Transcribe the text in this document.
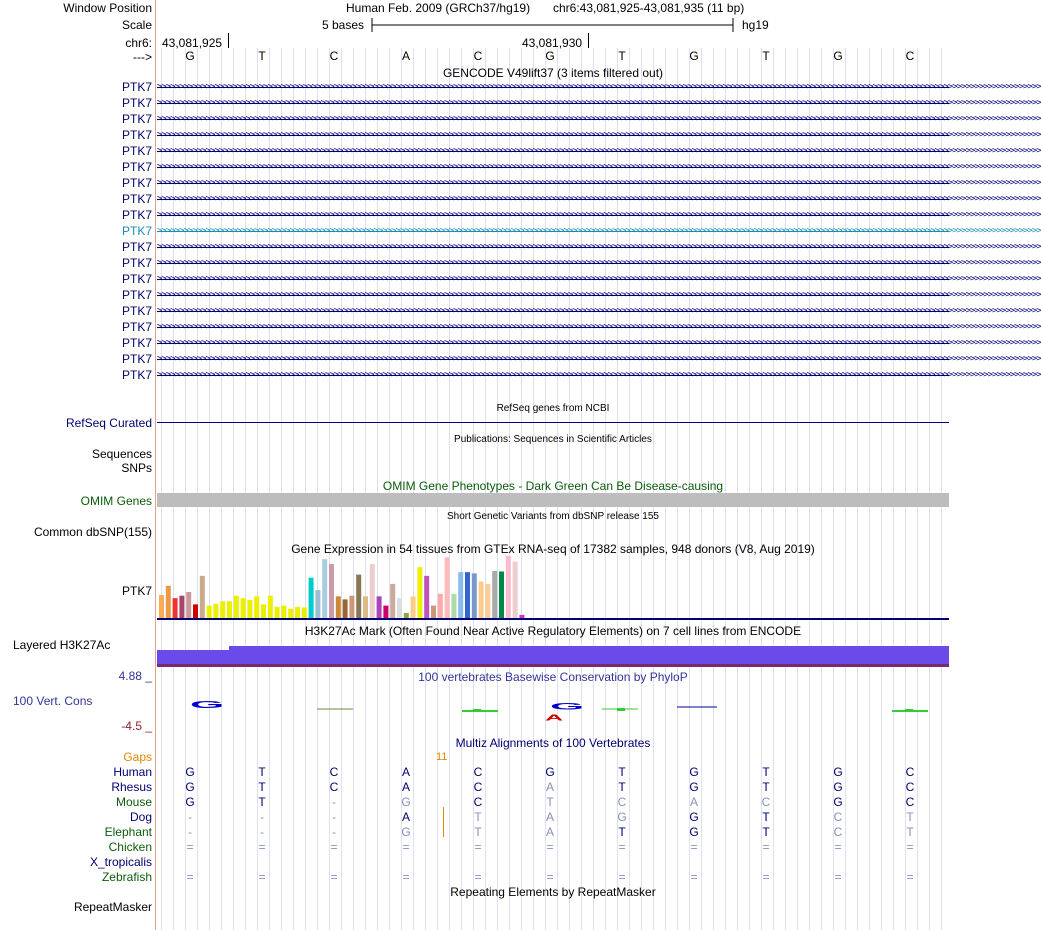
Window Position
Scale
chr6:
--->
Human Feb. 2009 (GRCh37/hg19) chr6:43,081,925-43,081,935 (11 bp)
5 bases	hg19
43,081,925	43,081,930
G	T	C	A	C	G	T	G	T	G	C
GENCODE V49lift37 (3 items filtered out)
PTK7 >>>>>>>>>>>>>>>>>>>>>>>>>>>>>>>>>>>>>>>>>>>>>>>>>>>>>>>>>>>>>>>>>>>>>>>>>>>>>>>>>>>>>>>>>>>>>>>>>>>>>>>>>>>>>>>>>>>>>>>>>>>>>>>>>>>>>>>>>>>>>>>>>>>>>>>>>>>>>>>>>>>>>>>>>>>>>>>>>>>>>>>>>>>>>>>>>>>>>>>>
PTK7 >>>>>>>>>>>>>>>>>>>>>>>>>>>>>>>>>>>>>>>>>>>>>>>>>>>>>>>>>>>>>>>>>>>>>>>>>>>>>>>>>>>>>>>>>>>>>>>>>>>>>>>>>>>>>>>>>>>>>>>>>>>>>>>>>>>>>>>>>>>>>>>>>>>>>>>>>>>>>>>>>>>>>>>>>>>>>>>>>>>>>>>>>>>>>>>>>>>>>>>>
PTK7 >>>>>>>>>>>>>>>>>>>>>>>>>>>>>>>>>>>>>>>>>>>>>>>>>>>>>>>>>>>>>>>>>>>>>>>>>>>>>>>>>>>>>>>>>>>>>>>>>>>>>>>>>>>>>>>>>>>>>>>>>>>>>>>>>>>>>>>>>>>>>>>>>>>>>>>>>>>>>>>>>>>>>>>>>>>>>>>>>>>>>>>>>>>>>>>>>>>>>>>>
PTK7 >>>>>>>>>>>>>>>>>>>>>>>>>>>>>>>>>>>>>>>>>>>>>>>>>>>>>>>>>>>>>>>>>>>>>>>>>>>>>>>>>>>>>>>>>>>>>>>>>>>>>>>>>>>>>>>>>>>>>>>>>>>>>>>>>>>>>>>>>>>>>>>>>>>>>>>>>>>>>>>>>>>>>>>>>>>>>>>>>>>>>>>>>>>>>>>>>>>>>>>>
PTK7 >>>>>>>>>>>>>>>>>>>>>>>>>>>>>>>>>>>>>>>>>>>>>>>>>>>>>>>>>>>>>>>>>>>>>>>>>>>>>>>>>>>>>>>>>>>>>>>>>>>>>>>>>>>>>>>>>>>>>>>>>>>>>>>>>>>>>>>>>>>>>>>>>>>>>>>>>>>>>>>>>>>>>>>>>>>>>>>>>>>>>>>>>>>>>>>>>>>>>>>>
PTK7 >>>>>>>>>>>>>>>>>>>>>>>>>>>>>>>>>>>>>>>>>>>>>>>>>>>>>>>>>>>>>>>>>>>>>>>>>>>>>>>>>>>>>>>>>>>>>>>>>>>>>>>>>>>>>>>>>>>>>>>>>>>>>>>>>>>>>>>>>>>>>>>>>>>>>>>>>>>>>>>>>>>>>>>>>>>>>>>>>>>>>>>>>>>>>>>>>>>>>>>>
PTK7 >>>>>>>>>>>>>>>>>>>>>>>>>>>>>>>>>>>>>>>>>>>>>>>>>>>>>>>>>>>>>>>>>>>>>>>>>>>>>>>>>>>>>>>>>>>>>>>>>>>>>>>>>>>>>>>>>>>>>>>>>>>>>>>>>>>>>>>>>>>>>>>>>>>>>>>>>>>>>>>>>>>>>>>>>>>>>>>>>>>>>>>>>>>>>>>>>>>>>>>>
PTK7 >>>>>>>>>>>>>>>>>>>>>>>>>>>>>>>>>>>>>>>>>>>>>>>>>>>>>>>>>>>>>>>>>>>>>>>>>>>>>>>>>>>>>>>>>>>>>>>>>>>>>>>>>>>>>>>>>>>>>>>>>>>>>>>>>>>>>>>>>>>>>>>>>>>>>>>>>>>>>>>>>>>>>>>>>>>>>>>>>>>>>>>>>>>>>>>>>>>>>>>>
PTK7 >>>>>>>>>>>>>>>>>>>>>>>>>>>>>>>>>>>>>>>>>>>>>>>>>>>>>>>>>>>>>>>>>>>>>>>>>>>>>>>>>>>>>>>>>>>>>>>>>>>>>>>>>>>>>>>>>>>>>>>>>>>>>>>>>>>>>>>>>>>>>>>>>>>>>>>>>>>>>>>>>>>>>>>>>>>>>>>>>>>>>>>>>>>>>>>>>>>>>>>>
PTK7 >>>>>>>>>>>>>>>>>>>>>>>>>>>>>>>>>>>>>>>>>>>>>>>>>>>>>>>>>>>>>>>>>>>>>>>>>>>>>>>>>>>>>>>>>>>>>>>>>>>>>>>>>>>>>>>>>>>>>>>>>>>>>>>>>>>>>>>>>>>>>>>>>>>>>>>>>>>>>>>>>>>>>>>>>>>>>>>>>>>>>>>>>>>>>>>>>>>>>>>>
PTK7 >>>>>>>>>>>>>>>>>>>>>>>>>>>>>>>>>>>>>>>>>>>>>>>>>>>>>>>>>>>>>>>>>>>>>>>>>>>>>>>>>>>>>>>>>>>>>>>>>>>>>>>>>>>>>>>>>>>>>>>>>>>>>>>>>>>>>>>>>>>>>>>>>>>>>>>>>>>>>>>>>>>>>>>>>>>>>>>>>>>>>>>>>>>>>>>>>>>>>>>>
PTK7 >>>>>>>>>>>>>>>>>>>>>>>>>>>>>>>>>>>>>>>>>>>>>>>>>>>>>>>>>>>>>>>>>>>>>>>>>>>>>>>>>>>>>>>>>>>>>>>>>>>>>>>>>>>>>>>>>>>>>>>>>>>>>>>>>>>>>>>>>>>>>>>>>>>>>>>>>>>>>>>>>>>>>>>>>>>>>>>>>>>>>>>>>>>>>>>>>>>>>>>>
PTK7 >>>>>>>>>>>>>>>>>>>>>>>>>>>>>>>>>>>>>>>>>>>>>>>>>>>>>>>>>>>>>>>>>>>>>>>>>>>>>>>>>>>>>>>>>>>>>>>>>>>>>>>>>>>>>>>>>>>>>>>>>>>>>>>>>>>>>>>>>>>>>>>>>>>>>>>>>>>>>>>>>>>>>>>>>>>>>>>>>>>>>>>>>>>>>>>>>>>>>>>>
PTK7 >>>>>>>>>>>>>>>>>>>>>>>>>>>>>>>>>>>>>>>>>>>>>>>>>>>>>>>>>>>>>>>>>>>>>>>>>>>>>>>>>>>>>>>>>>>>>>>>>>>>>>>>>>>>>>>>>>>>>>>>>>>>>>>>>>>>>>>>>>>>>>>>>>>>>>>>>>>>>>>>>>>>>>>>>>>>>>>>>>>>>>>>>>>>>>>>>>>>>>>>
PTK7 >>>>>>>>>>>>>>>>>>>>>>>>>>>>>>>>>>>>>>>>>>>>>>>>>>>>>>>>>>>>>>>>>>>>>>>>>>>>>>>>>>>>>>>>>>>>>>>>>>>>>>>>>>>>>>>>>>>>>>>>>>>>>>>>>>>>>>>>>>>>>>>>>>>>>>>>>>>>>>>>>>>>>>>>>>>>>>>>>>>>>>>>>>>>>>>>>>>>>>>>
PTK7 >>>>>>>>>>>>>>>>>>>>>>>>>>>>>>>>>>>>>>>>>>>>>>>>>>>>>>>>>>>>>>>>>>>>>>>>>>>>>>>>>>>>>>>>>>>>>>>>>>>>>>>>>>>>>>>>>>>>>>>>>>>>>>>>>>>>>>>>>>>>>>>>>>>>>>>>>>>>>>>>>>>>>>>>>>>>>>>>>>>>>>>>>>>>>>>>>>>>>>>>
PTK7 >>>>>>>>>>>>>>>>>>>>>>>>>>>>>>>>>>>>>>>>>>>>>>>>>>>>>>>>>>>>>>>>>>>>>>>>>>>>>>>>>>>>>>>>>>>>>>>>>>>>>>>>>>>>>>>>>>>>>>>>>>>>>>>>>>>>>>>>>>>>>>>>>>>>>>>>>>>>>>>>>>>>>>>>>>>>>>>>>>>>>>>>>>>>>>>>>>>>>>>>
PTK7 >>>>>>>>>>>>>>>>>>>>>>>>>>>>>>>>>>>>>>>>>>>>>>>>>>>>>>>>>>>>>>>>>>>>>>>>>>>>>>>>>>>>>>>>>>>>>>>>>>>>>>>>>>>>>>>>>>>>>>>>>>>>>>>>>>>>>>>>>>>>>>>>>>>>>>>>>>>>>>>>>>>>>>>>>>>>>>>>>>>>>>>>>>>>>>>>>>>>>>>>
PTK7 >>>>>>>>>>>>>>>>>>>>>>>>>>>>>>>>>>>>>>>>>>>>>>>>>>>>>>>>>>>>>>>>>>>>>>>>>>>>>>>>>>>>>>>>>>>>>>>>>>>>>>>>>>>>>>>>>>>>>>>>>>>>>>>>>>>>>>>>>>>>>>>>>>>>>>>>>>>>>>>>>>>>>>>>>>>>>>>>>>>>>>>>>>>>>>>>>>>>>>>>
RefSeq genes from NCBI
RefSeq Curated
Publications: Sequences in Scientific Articles
Sequences
SNPs
OMIM Gene Phenotypes - Dark Green Can Be Disease-causing
OMIM Genes
Short Genetic Variants from dbSNP release 155
Common dbSNP(155)
Gene Expression in 54 tissues from GTEx RNA-seq of 17382 samples, 948 donors (V8, Aug 2019)
PTK7
H3K27Ac Mark (Often Found Near Active Regulatory Elements) on 7 cell lines from ENCODE
Layered H3K27Ac
100 vertebrates Basewise Conservation by PhyloP
4.88 _
100 Vert. Cons
-4.5 _
G	G
A
Multiz Alignments of 100 Vertebrates
Gaps	11
Human	G	T	C	A	C	G	T	G	T	G	C
Rhesus	G	T	C	A	C	A	T	G	T	G	C
Mouse	G	T	-	G	C	T	C	A	C	G	C
Dog	-	-	-	A	T	A	G	G	T	C	T
Elephant	-	-	-	G	T	A	T	G	T	C	T
Chicken	=	=	=	=	=	=	=	=	=	=	=
X_tropicalis
Zebrafish	=	=	=	=	=	=	=	=	=	=	=
Repeating Elements by RepeatMasker
RepeatMasker
